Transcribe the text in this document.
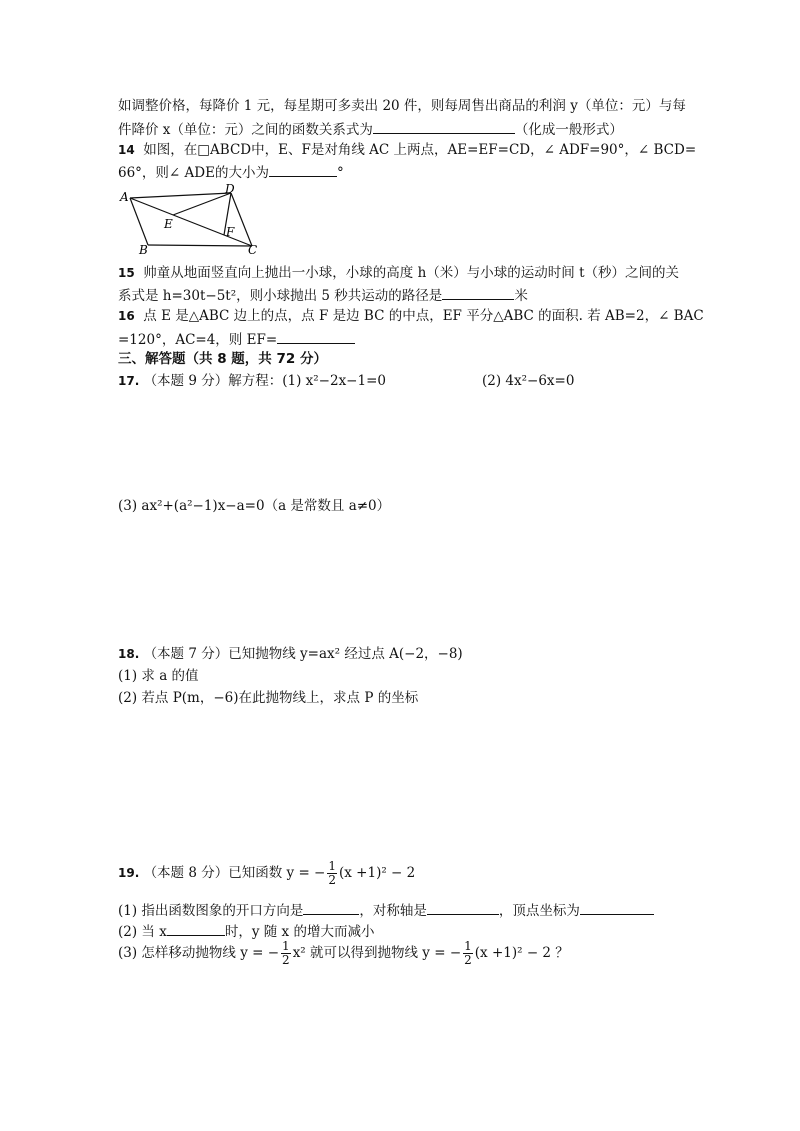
如调整价格，每降价 1 元，每星期可多卖出 20 件，则每周售出商品的利润 y（单位：元）与每
件降价 x（单位：元）之间的函数关系式为	（化成一般形式）
14 如图，在□ABCD中，E、F是对角线 AC 上两点，AE=EF=CD，∠ ADF=90°，∠ BCD=
66°，则∠ ADE的大小为	°
A
D
E
F
B	C
15 帅童从地面竖直向上抛出一小球，小球的高度 h（米）与小球的运动时间 t（秒）之间的关
系式是 h=30t−5t²，则小球抛出 5 秒共运动的路径是	米
16 点 E 是△ABC 边上的点，点 F 是边 BC 的中点，EF 平分△ABC 的面积. 若 AB=2，∠ BAC
=120°，AC=4，则 EF=
三、解答题（共 8 题，共 72 分）
17. （本题 9 分）解方程：(1) x²−2x−1=0	(2) 4x²−6x=0
(3) ax²+(a²−1)x−a=0（a 是常数且 a≠0）
18. （本题 7 分）已知抛物线 y=ax² 经过点 A(−2，−8)
(1) 求 a 的值
(2) 若点 P(m，−6)在此抛物线上，求点 P 的坐标
19. （本题 8 分）已知函数 y = − $\frac{1}{2} (x +1)^2 - 2$
(1) 指出函数图象的开口方向是	，对称轴是	，顶点坐标为
(2) 当 x	时，y 随 x 的增大而减小
(3) 怎样移动抛物线 y = − $\frac{1}{2} x^2$ 就可以得到抛物线 y = − $\frac{1}{2} (x +1)^2 - 2$ ？
